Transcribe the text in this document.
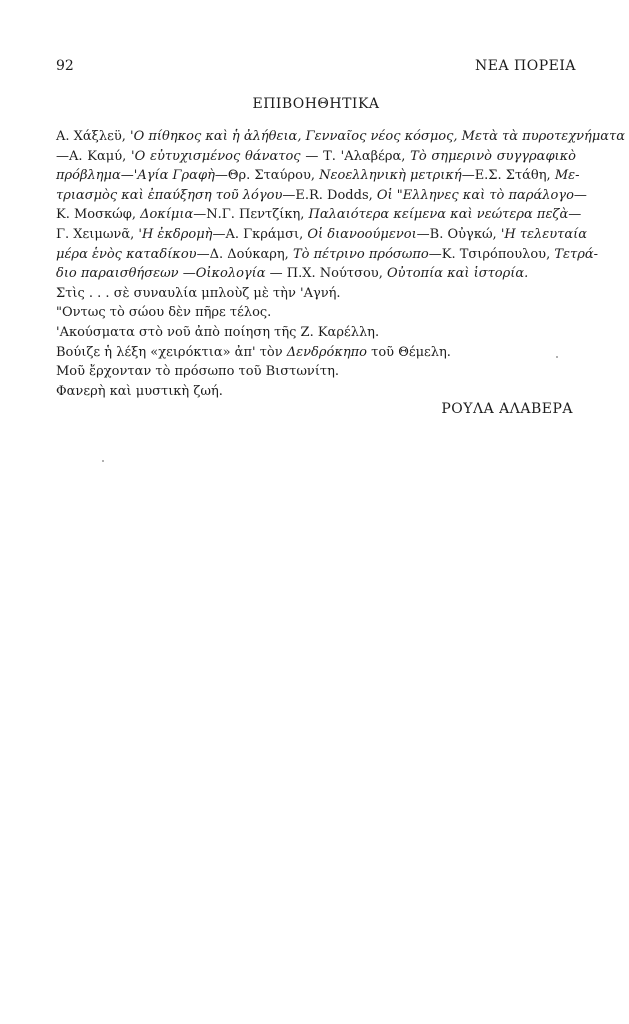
92	ΝΕΑ ΠΟΡΕΙΑ
ΕΠΙΒΟΗΘΗΤΙΚΑ
Α. Χάξλεϋ, 'Ο πίθηκος καὶ ἡ ἀλήθεια, Γενναῖος νέος κόσμος, Μετὰ τὰ πυροτεχνήματα
—Α. Καμύ, 'Ο εὐτυχισμένος θάνατος — Τ. 'Αλαβέρα, Τὸ σημερινὸ συγγραφικὸ
πρόβλημα—'Αγία Γραφὴ—Θρ. Σταύρου, Νεοελληνικὴ μετρική—Ε.Σ. Στάθη, Με-
τριασμὸς καὶ ἐπαύξηση τοῦ λόγου—E.R. Dodds, Οἱ "Ελληνες καὶ τὸ παράλογο—
Κ. Μοσκώφ, Δοκίμια—Ν.Γ. Πεντζίκη, Παλαιότερα κείμενα καὶ νεώτερα πεζὰ—
Γ. Χειμωνᾶ, 'Η ἐκδρομὴ—Α. Γκράμσι, Οἱ διανοούμενοι—Β. Οὐγκώ, 'Η τελευταία
μέρα ἑνὸς καταδίκου—Δ. Δούκαρη, Τὸ πέτρινο πρόσωπο—Κ. Τσιρόπουλου, Τετρά-
διο παραισθήσεων —Οἰκολογία — Π.Χ. Νούτσου, Οὐτοπία καὶ ἱστορία.
Στὶς . . . σὲ συναυλία μπλοὺζ μὲ τὴν 'Αγνή.
"Οντως τὸ σώου δὲν πῆρε τέλος.
'Ακούσματα στὸ νοῦ ἀπὸ ποίηση τῆς Ζ. Καρέλλη.
Βούιζε ἡ λέξη «χειρόκτια» ἀπ' τὸν Δενδρόκηπο τοῦ Θέμελη.
Μοῦ ἔρχονταν τὸ πρόσωπο τοῦ Βιστωνίτη.
Φανερὴ καὶ μυστικὴ ζωή.
ΡΟΥΛΑ ΑΛΑΒΕΡΑ
